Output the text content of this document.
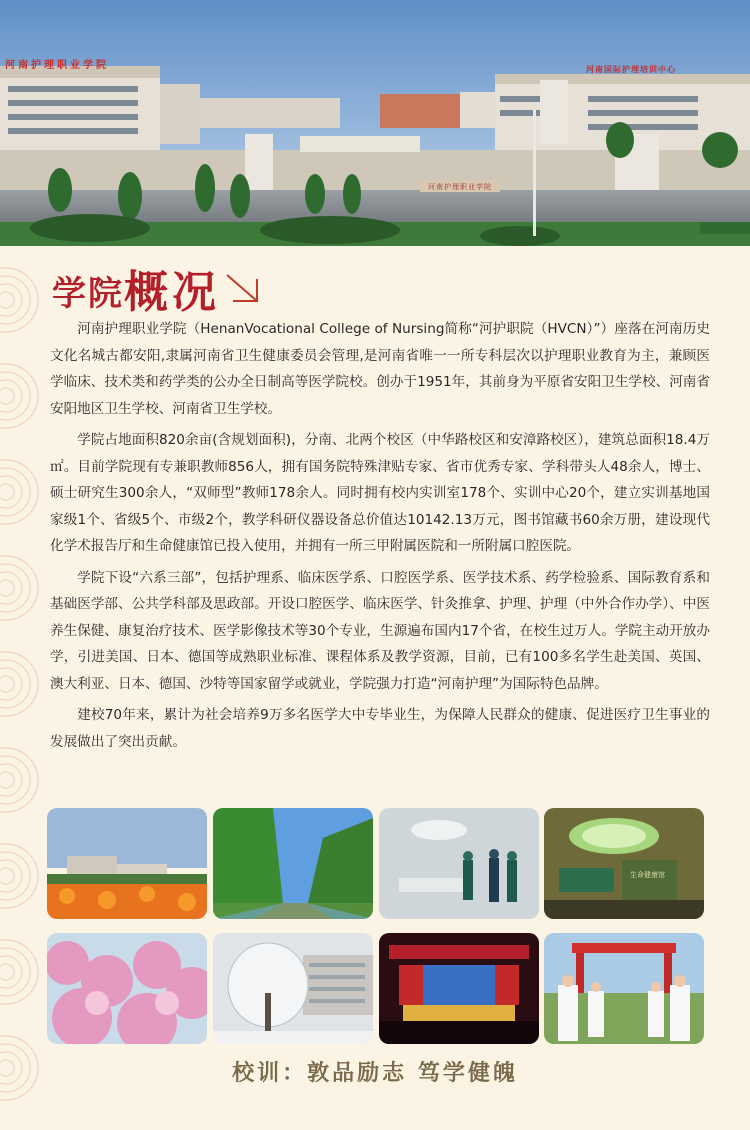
河南护理职业学院	河南国际护理培训中心
河南护理职业学院
学院 概况

河南护理职业学院（HenanVocational College of Nursing简称“河护职院（HVCN）”）座落在河南历史文化名城古都安阳,隶属河南省卫生健康委员会管理,是河南省唯一一所专科层次以护理职业教育为主，兼顾医学临床、技术类和药学类的公办全日制高等医学院校。创办于1951年，其前身为平原省安阳卫生学校、河南省安阳地区卫生学校、河南省卫生学校。

学院占地面积820余亩(含规划面积)，分南、北两个校区（中华路校区和安漳路校区），建筑总面积18.4万㎡。目前学院现有专兼职教师856人，拥有国务院特殊津贴专家、省市优秀专家、学科带头人48余人，博士、硕士研究生300余人，“双师型”教师178余人。同时拥有校内实训室178个、实训中心20个，建立实训基地国家级1个、省级5个、市级2个，教学科研仪器设备总价值达10142.13万元，图书馆藏书60余万册，建设现代化学术报告厅和生命健康馆已投入使用，并拥有一所三甲附属医院和一所附属口腔医院。

学院下设“六系三部”，包括护理系、临床医学系、口腔医学系、医学技术系、药学检验系、国际教育系和基础医学部、公共学科部及思政部。开设口腔医学、临床医学、针灸推拿、护理、护理（中外合作办学）、中医养生保健、康复治疗技术、医学影像技术等30个专业，生源遍布国内17个省，在校生过万人。学院主动开放办学，引进美国、日本、德国等成熟职业标准、课程体系及教学资源，目前，已有100多名学生赴美国、英国、澳大利亚、日本、德国、沙特等国家留学或就业，学院强力打造“河南护理”为国际特色品牌。

建校70年来，累计为社会培养9万多名医学大中专毕业生，为保障人民群众的健康、促进医疗卫生事业的发展做出了突出贡献。

生命健康馆
校训：敦品励志 笃学健魄
